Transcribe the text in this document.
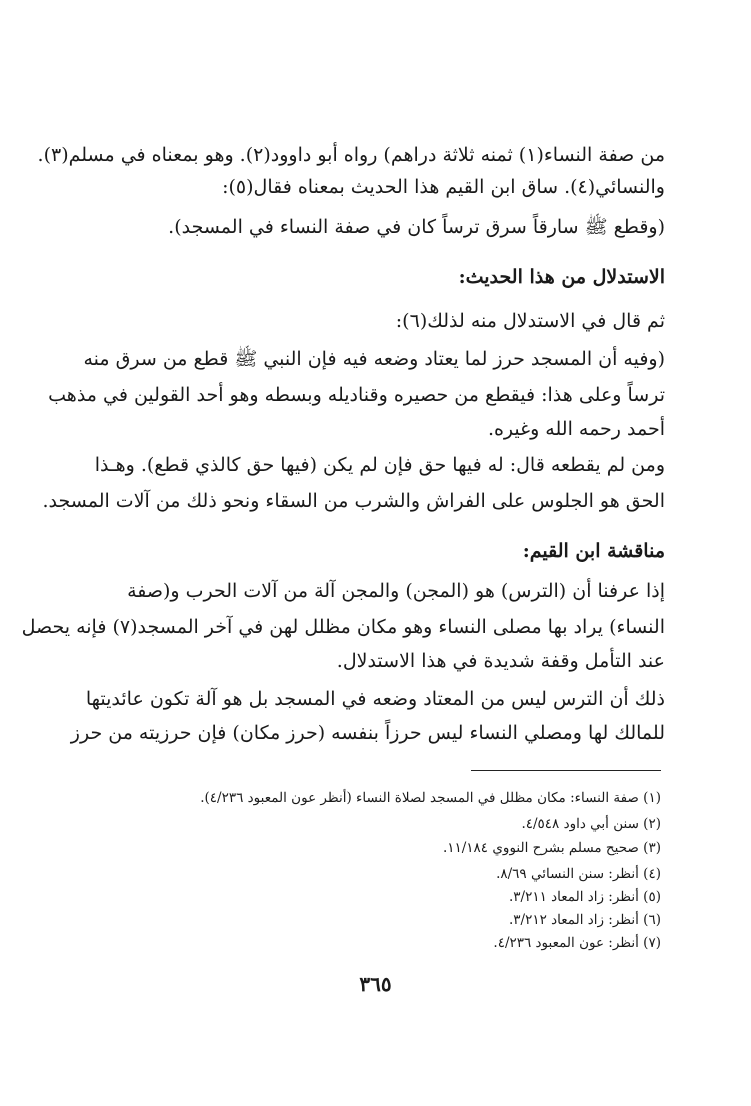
من صفة النساء(١) ثمنه ثلاثة دراهم) رواه أبو داوود(٢). وهو بمعناه في مسلم(٣).
والنسائي(٤). ساق ابن القيم هذا الحديث بمعناه فقال(٥):
(وقطع ﷺ سارقاً سرق ترساً كان في صفة النساء في المسجد).
الاستدلال من هذا الحديث:
ثم قال في الاستدلال منه لذلك(٦):
(وفيه أن المسجد حرز لما يعتاد وضعه فيه فإن النبي ﷺ قطع من سرق منه
ترساً وعلى هذا: فيقطع من حصيره وقناديله وبسطه وهو أحد القولين في مذهب
أحمد رحمه الله وغيره.
ومن لم يقطعه قال: له فيها حق فإن لم يكن (فيها حق كالذي قطع). وهـذا
الحق هو الجلوس على الفراش والشرب من السقاء ونحو ذلك من آلات المسجد.
مناقشة ابن القيم:
إذا عرفنا أن (الترس) هو (المجن) والمجن آلة من آلات الحرب و(صفة
النساء) يراد بها مصلى النساء وهو مكان مظلل لهن في آخر المسجد(٧) فإنه يحصل
عند التأمل وقفة شديدة في هذا الاستدلال.
ذلك أن الترس ليس من المعتاد وضعه في المسجد بل هو آلة تكون عائديتها
للمالك لها ومصلي النساء ليس حرزاً بنفسه (حرز مكان) فإن حرزيته من حرز
(١) صفة النساء: مكان مظلل في المسجد لصلاة النساء (أنظر عون المعبود ٤/٢٣٦).
(٢) سنن أبي داود ٤/٥٤٨.
(٣) صحيح مسلم بشرح النووي ١١/١٨٤.
(٤) أنظر: سنن النسائي ٨/٦٩.
(٥) أنظر: زاد المعاد ٣/٢١١.
(٦) أنظر: زاد المعاد ٣/٢١٢.
(٧) أنظر: عون المعبود ٤/٢٣٦.
٣٦٥
